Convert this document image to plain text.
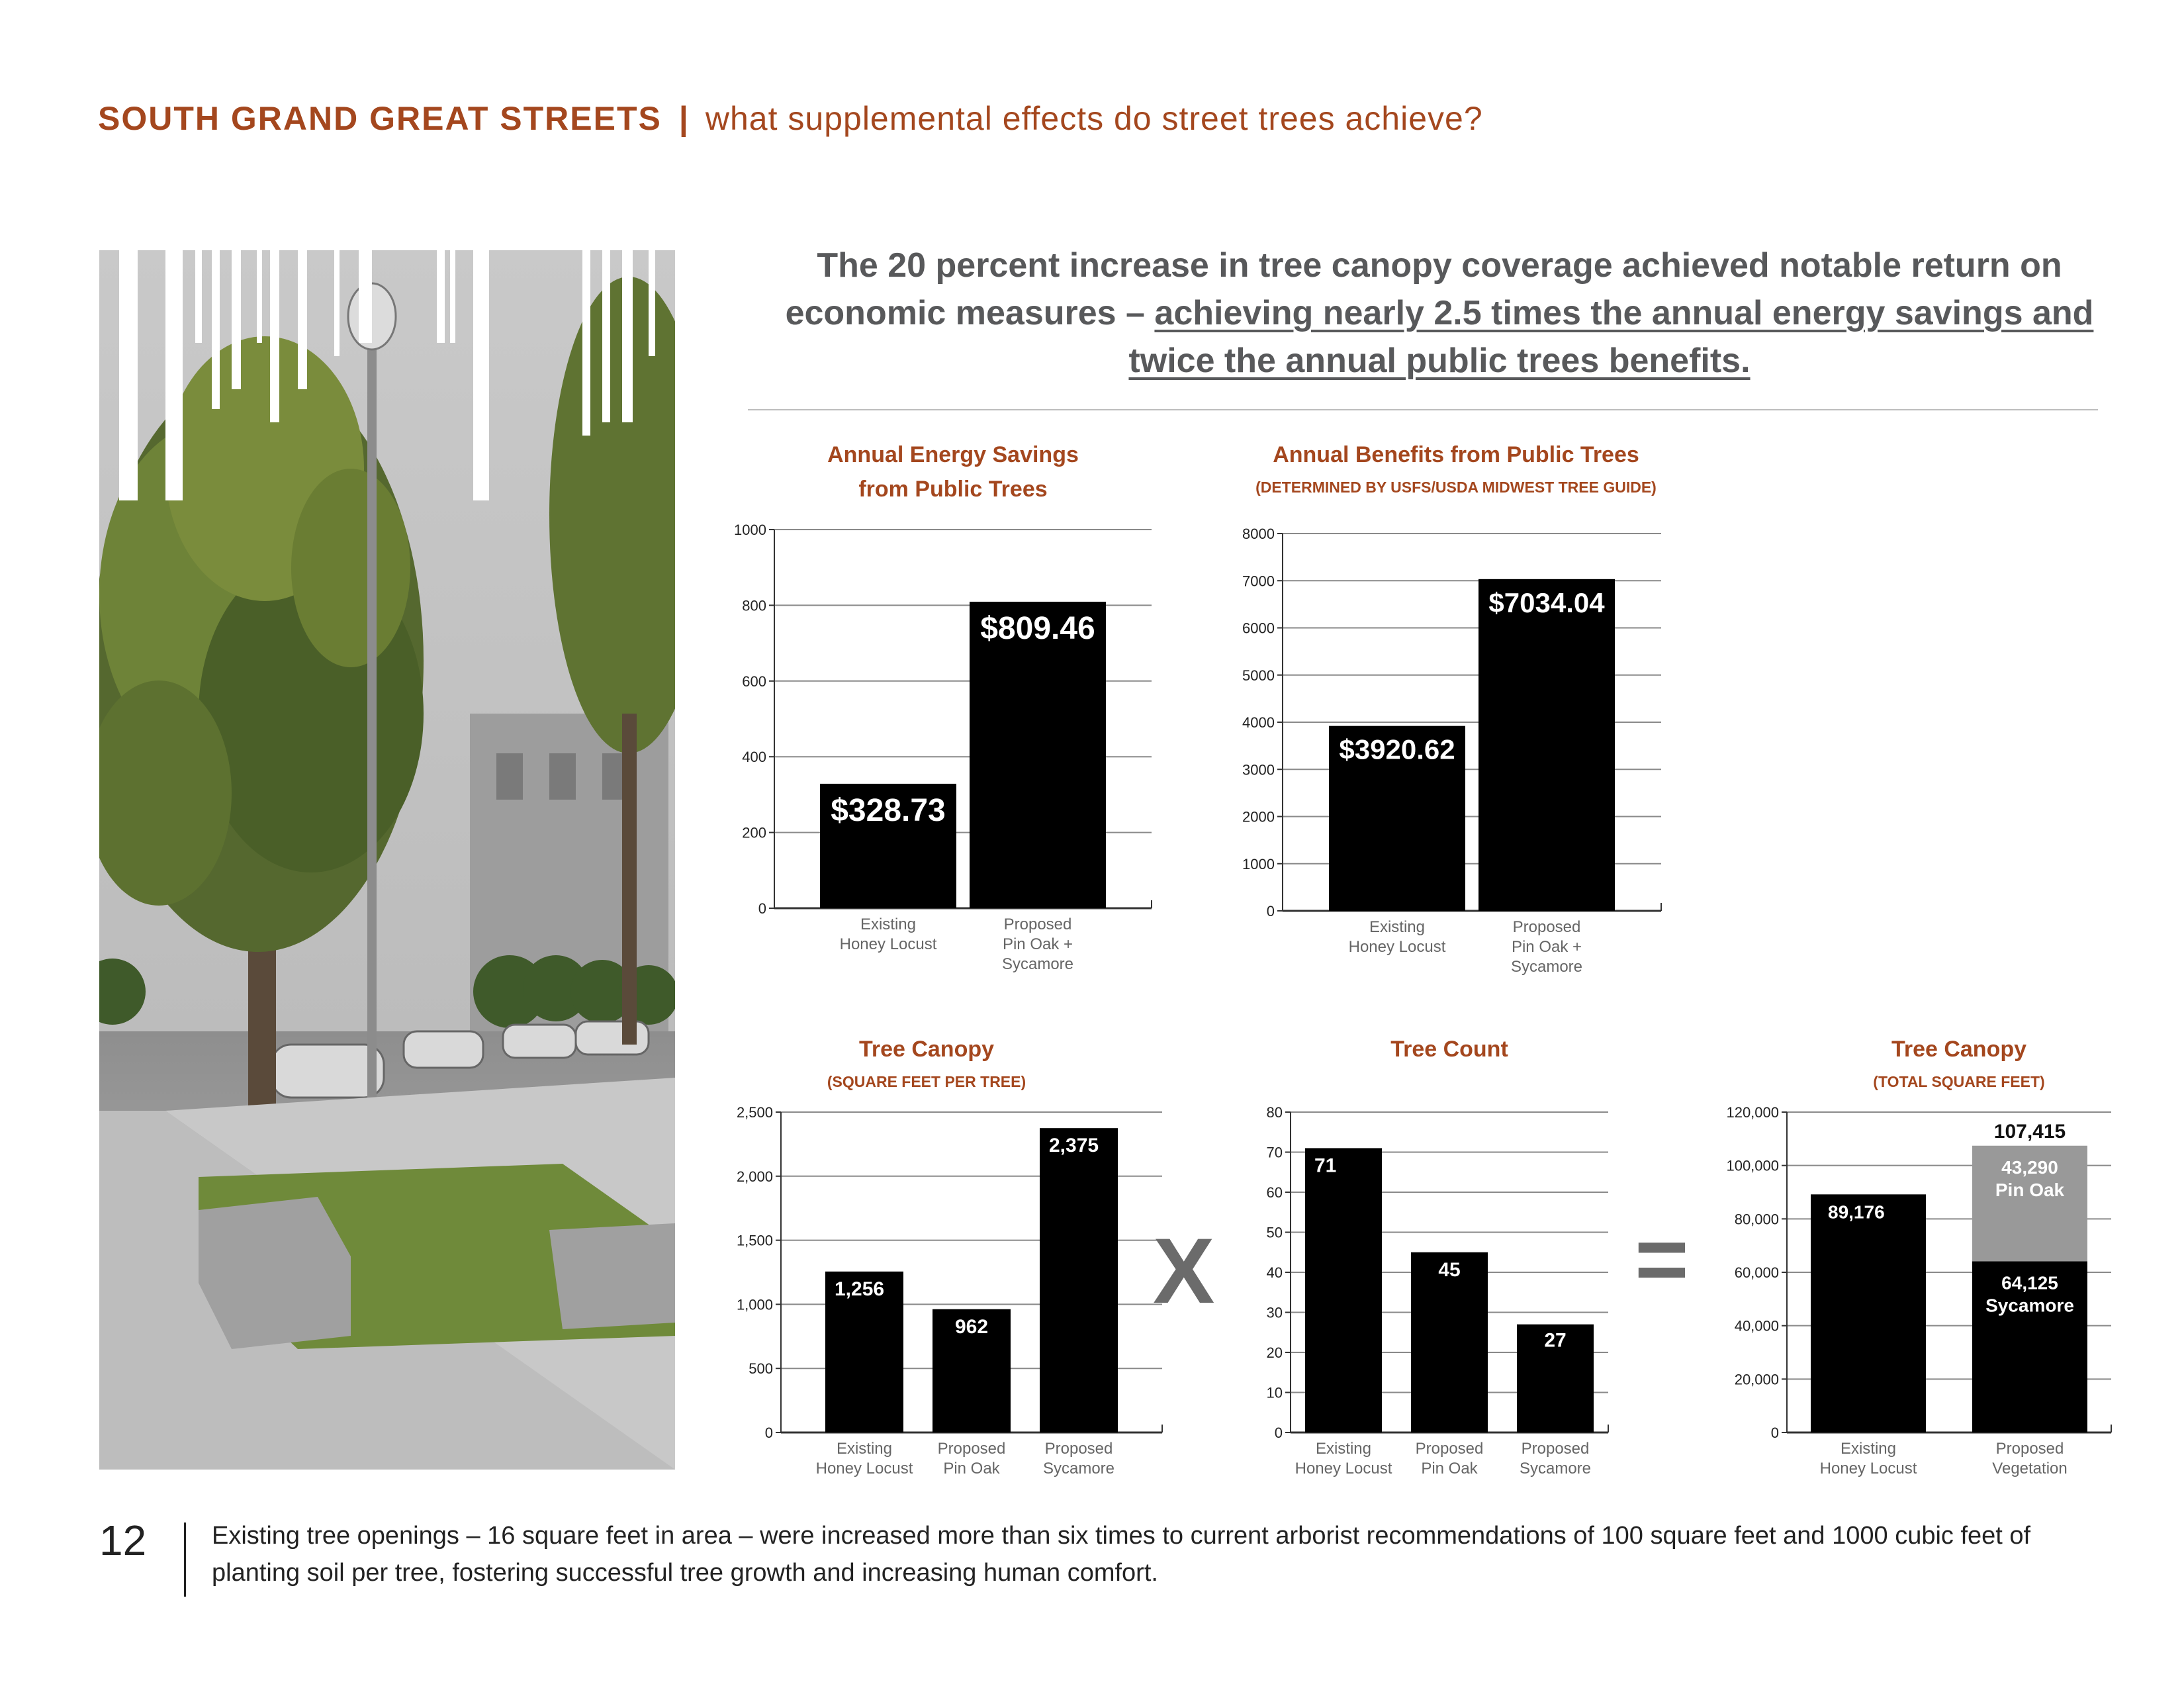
SOUTH GRAND GREAT STREETS | what supplemental effects do street trees achieve?
The 20 percent increase in tree canopy coverage achieved notable return on economic measures – achieving nearly 2.5 times the annual energy savings and twice the annual public trees benefits.
Annual Energy Savings
from Public Trees
0
200
400
600
800
1000
$328.73
Existing
Honey Locust
$809.46
Proposed
Pin Oak +
Sycamore
Annual Benefits from Public Trees
(DETERMINED BY USFS/USDA MIDWEST TREE GUIDE)
0
1000
2000
3000
4000
5000
6000
7000
8000
$3920.62
Existing
Honey Locust
$7034.04
Proposed
Pin Oak +
Sycamore
Tree Canopy
(SQUARE FEET PER TREE)
0
500
1,000
1,500
2,000
2,500
1,256
Existing
Honey Locust
962
Proposed
Pin Oak
2,375
Proposed
Sycamore
Tree Count
0
10
20
30
40
50
60
70
80
71
Existing
Honey Locust
45
Proposed
Pin Oak
27
Proposed
Sycamore
Tree Canopy
(TOTAL SQUARE FEET)
0
20,000
40,000
60,000
80,000
100,000
120,000
89,176
Existing
Honey Locust
64,125
Sycamore
43,290
Pin Oak
107,415
Proposed
Vegetation
X	=
12	Existing tree openings – 16 square feet in area – were increased more than six times to current arborist recommendations of 100 square feet and 1000 cubic feet of planting soil per tree, fostering successful tree growth and increasing human comfort.
